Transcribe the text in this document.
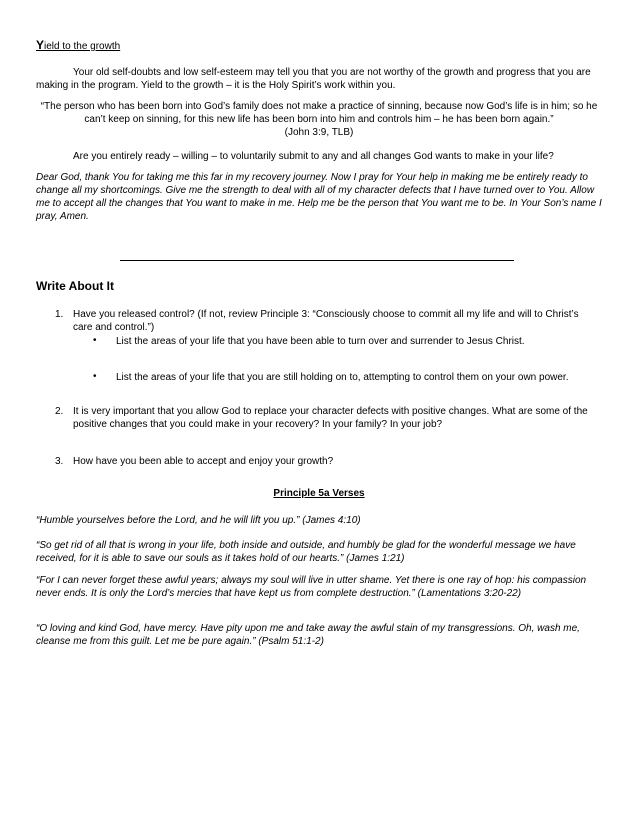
Yield to the growth
Your old self-doubts and low self-esteem may tell you that you are not worthy of the growth and progress that you are making in the program. Yield to the growth – it is the Holy Spirit’s work within you.
“The person who has been born into God’s family does not make a practice of sinning, because now God’s life is in him; so he can’t keep on sinning, for this new life has been born into him and controls him – he has been born again.”
(John 3:9, TLB)
Are you entirely ready – willing – to voluntarily submit to any and all changes God wants to make in your life?
Dear God, thank You for taking me this far in my recovery journey. Now I pray for Your help in making me be entirely ready to change all my shortcomings. Give me the strength to deal with all of my character defects that I have turned over to You. Allow me to accept all the changes that You want to make in me. Help me be the person that You want me to be. In Your Son’s name I pray, Amen.
Write About It
1. Have you released control? (If not, review Principle 3: “Consciously choose to commit all my life and will to Christ’s care and control.”)
• List the areas of your life that you have been able to turn over and surrender to Jesus Christ.
• List the areas of your life that you are still holding on to, attempting to control them on your own power.
2. It is very important that you allow God to replace your character defects with positive changes. What are some of the positive changes that you could make in your recovery? In your family? In your job?
3. How have you been able to accept and enjoy your growth?
Principle 5a Verses
“Humble yourselves before the Lord, and he will lift you up.” (James 4:10)
“So get rid of all that is wrong in your life, both inside and outside, and humbly be glad for the wonderful message we have received, for it is able to save our souls as it takes hold of our hearts.” (James 1:21)
“For I can never forget these awful years; always my soul will live in utter shame. Yet there is one ray of hop: his compassion never ends. It is only the Lord’s mercies that have kept us from complete destruction.” (Lamentations 3:20-22)
“O loving and kind God, have mercy. Have pity upon me and take away the awful stain of my transgressions. Oh, wash me, cleanse me from this guilt. Let me be pure again.” (Psalm 51:1-2)
